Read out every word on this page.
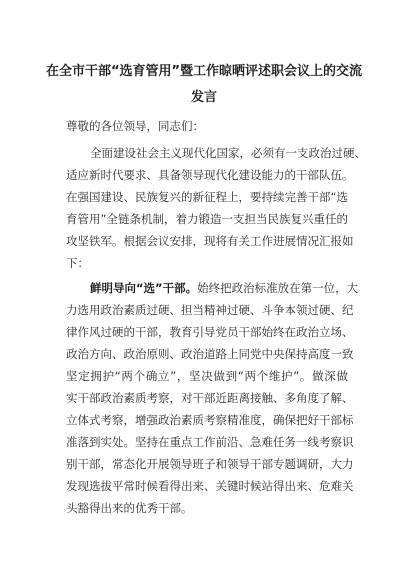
在全市干部“选育管用”暨工作晾晒评述职会议上的交流

发言

尊敬的各位领导，同志们：

全面建设社会主义现代化国家，必须有一支政治过硬、

适应新时代要求、具备领导现代化建设能力的干部队伍。

在强国建设、民族复兴的新征程上，要持续完善干部“选

育管用”全链条机制，着力锻造一支担当民族复兴重任的

攻坚铁军。根据会议安排，现将有关工作进展情况汇报如

下：

鲜明导向“选”干部。始终把政治标准放在第一位，大

力选用政治素质过硬、担当精神过硬、斗争本领过硬、纪

律作风过硬的干部，教育引导党员干部始终在政治立场、

政治方向、政治原则、政治道路上同党中央保持高度一致

坚定拥护“两个确立”，坚决做到“两个维护”。做深做

实干部政治素质考察，对干部近距离接触、多角度了解、

立体式考察，增强政治素质考察精准度，确保把好干部标

准落到实处。坚持在重点工作前沿、急难任务一线考察识

别干部，常态化开展领导班子和领导干部专题调研，大力

发现选拔平常时候看得出来、关键时候站得出来、危难关

头豁得出来的优秀干部。
